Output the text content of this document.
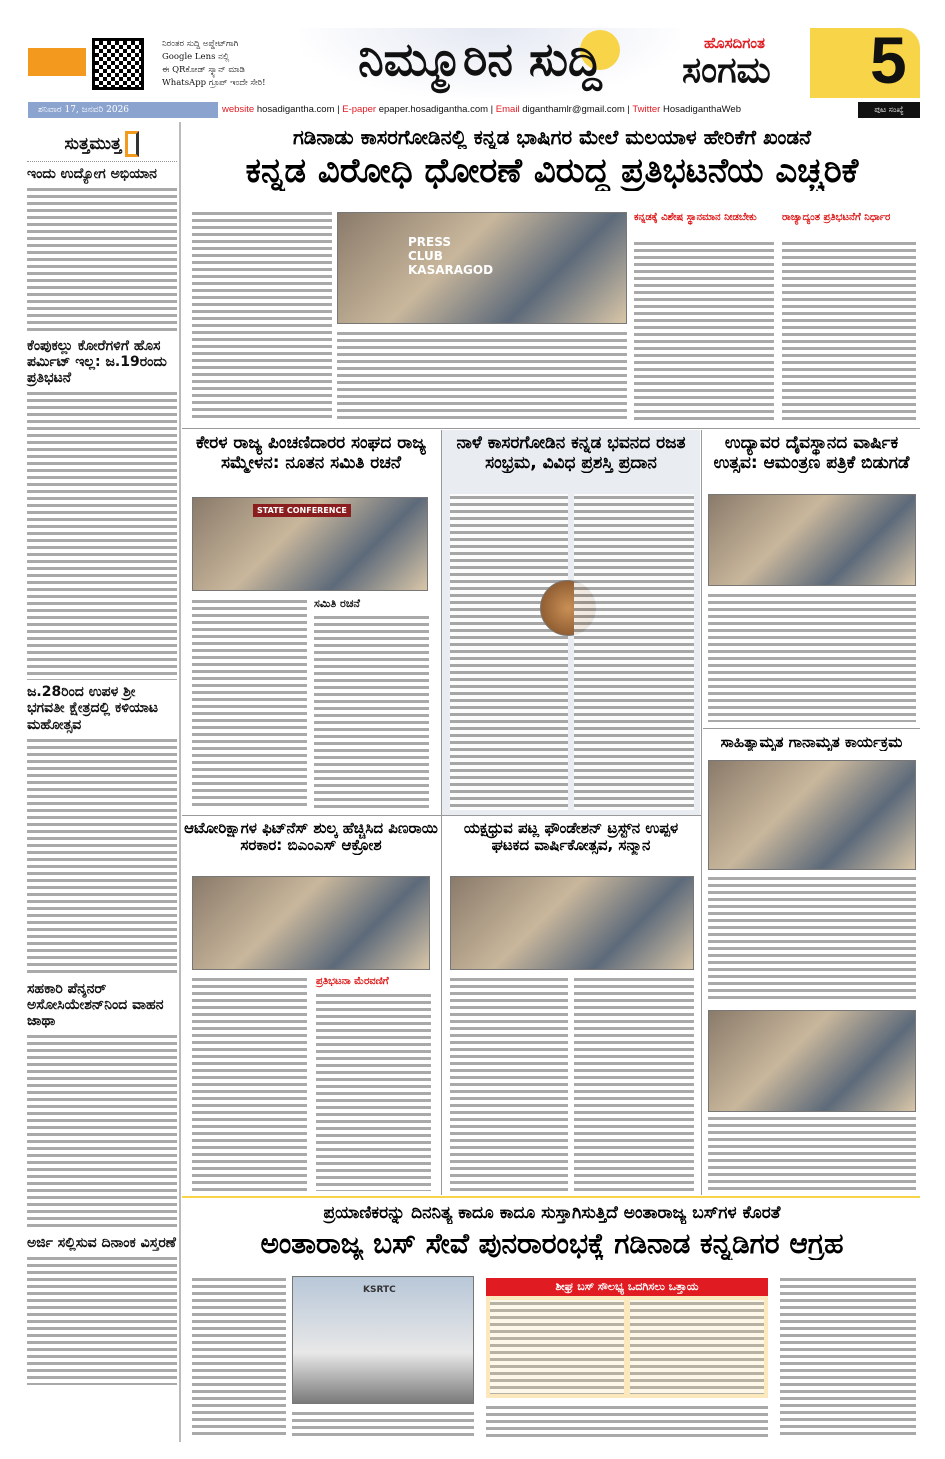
ನಿರಂತರ ಸುದ್ದಿ ಅಪ್ಡೇಟ್‌ಗಾಗಿ
Google Lens ನಲ್ಲಿ
ಈ QRಕೋಡ್ ಸ್ಕ್ಯಾನ್ ಮಾಡಿ
WhatsApp ಗ್ರೂಪ್ ಇಂದೇ ಸೇರಿ!	ನಿಮ್ಮೂರಿನ ಸುದ್ದಿ	ಹೊಸದಿಗಂತ
ಸಂಗಮ 5
ಶನಿವಾರ 17, ಜನವರಿ 2026	website hosadigantha.com | E-paper epaper.hosadigantha.com | Email diganthamlr@gmail.com | Twitter HosadiganthaWeb	ಪುಟ ಸಂಖ್ಯೆ
ಸುತ್ತಮುತ್ತ
ಇಂದು ಉದ್ಯೋಗ ಅಭಿಯಾನ
ಕೆಂಪುಕಲ್ಲು ಕೋರೆಗಳಿಗೆ ಹೊಸ ಪರ್ಮಿಟ್ ಇಲ್ಲ: ಜ.19ರಂದು ಪ್ರತಿಭಟನೆ
ಜ.28ರಿಂದ ಉಪಳ ಶ್ರೀ ಭಗವತೀ ಕ್ಷೇತ್ರದಲ್ಲಿ ಕಳಿಯಾಟ ಮಹೋತ್ಸವ
ಸಹಕಾರಿ ಪೆನ್ಶನರ್ ಅಸೋಸಿಯೇಶನ್‌ನಿಂದ ವಾಹನ ಜಾಥಾ
ಅರ್ಜಿ ಸಲ್ಲಿಸುವ ದಿನಾಂಕ ವಿಸ್ತರಣೆ
ಗಡಿನಾಡು ಕಾಸರಗೋಡಿನಲ್ಲಿ ಕನ್ನಡ ಭಾಷಿಗರ ಮೇಲೆ ಮಲಯಾಳ ಹೇರಿಕೆಗೆ ಖಂಡನೆ
ಕನ್ನಡ ವಿರೋಧಿ ಧೋರಣೆ ವಿರುದ್ಧ ಪ್ರತಿಭಟನೆಯ ಎಚ್ಚರಿಕೆ
PRESS CLUB KASARAGOD
ಕನ್ನಡಕ್ಕೆ ವಿಶೇಷ ಸ್ಥಾನಮಾನ ನೀಡಬೇಕು	ರಾಜ್ಯಾದ್ಯಂತ ಪ್ರತಿಭಟನೆಗೆ ನಿರ್ಧಾರ
ಕೇರಳ ರಾಜ್ಯ ಪಿಂಚಣಿದಾರರ ಸಂಘದ ರಾಜ್ಯ ಸಮ್ಮೇಳನ: ನೂತನ ಸಮಿತಿ ರಚನೆ
STATE CONFERENCE
ಸಮಿತಿ ರಚನೆ
ನಾಳೆ ಕಾಸರಗೋಡಿನ ಕನ್ನಡ ಭವನದ ರಜತ ಸಂಭ್ರಮ, ವಿವಿಧ ಪ್ರಶಸ್ತಿ ಪ್ರದಾನ
ಉದ್ಯಾವರ ದೈವಸ್ಥಾನದ ವಾರ್ಷಿಕ ಉತ್ಸವ: ಆಮಂತ್ರಣ ಪತ್ರಿಕೆ ಬಿಡುಗಡೆ
ಸಾಹಿತ್ಯಾಮೃತ ಗಾನಾಮೃತ ಕಾರ್ಯಕ್ರಮ
ಆಟೋರಿಕ್ಷಾಗಳ ಫಿಟ್‌ನೆಸ್ ಶುಲ್ಕ ಹೆಚ್ಚಿಸಿದ ಪಿಣರಾಯಿ ಸರಕಾರ: ಬಿಎಂಎಸ್ ಆಕ್ರೋಶ
ಪ್ರತಿಭಟನಾ ಮೆರವಣಿಗೆ
ಯಕ್ಷಧ್ರುವ ಪಟ್ಲ ಫೌಂಡೇಶನ್ ಟ್ರಸ್ಟ್‌ನ ಉಪ್ಪಳ ಘಟಕದ ವಾರ್ಷಿಕೋತ್ಸವ, ಸನ್ಮಾನ
ಪ್ರಯಾಣಿಕರನ್ನು ದಿನನಿತ್ಯ ಕಾದೂ ಕಾದೂ ಸುಸ್ತಾಗಿಸುತ್ತಿದೆ ಅಂತಾರಾಜ್ಯ ಬಸ್‌ಗಳ ಕೊರತೆ
ಅಂತಾರಾಜ್ಯ ಬಸ್ ಸೇವೆ ಪುನರಾರಂಭಕ್ಕೆ ಗಡಿನಾಡ ಕನ್ನಡಿಗರ ಆಗ್ರಹ
KSRTC	ಶೀಘ್ರ ಬಸ್ ಸೌಲಭ್ಯ ಒದಗಿಸಲು ಒತ್ತಾಯ
